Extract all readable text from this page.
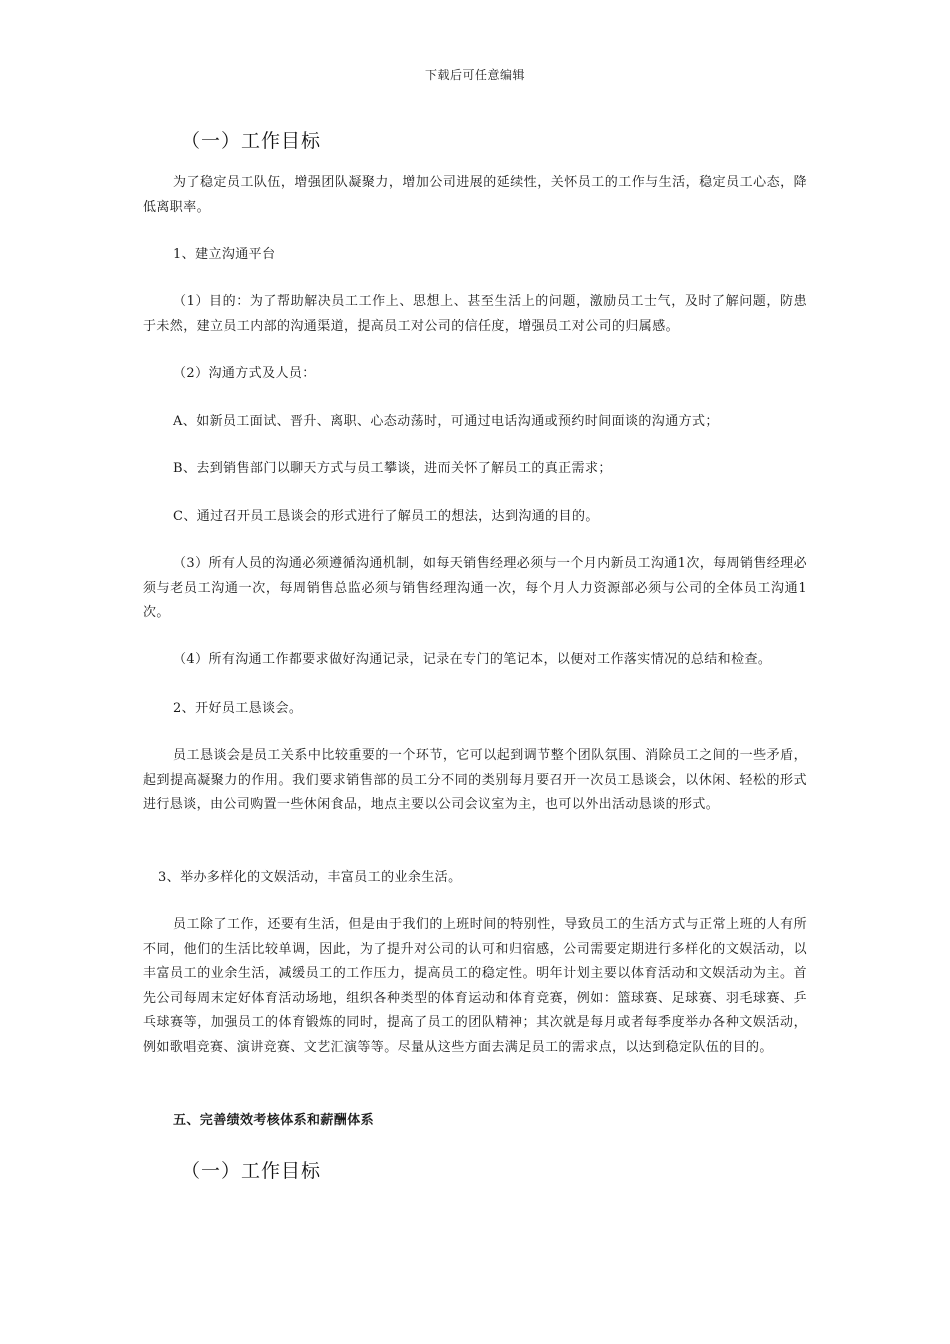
下载后可任意编辑
（一）工作目标

为了稳定员工队伍，增强团队凝聚力，增加公司进展的延续性，关怀员工的工作与生活，稳定员工心态，降低离职率。

1、建立沟通平台

（1）目的：为了帮助解决员工工作上、思想上、甚至生活上的问题，激励员工士气，及时了解问题，防患于未然，建立员工内部的沟通渠道，提高员工对公司的信任度，增强员工对公司的归属感。

（2）沟通方式及人员：

A、如新员工面试、晋升、离职、心态动荡时，可通过电话沟通或预约时间面谈的沟通方式；

B、去到销售部门以聊天方式与员工攀谈，进而关怀了解员工的真正需求；

C、通过召开员工恳谈会的形式进行了解员工的想法，达到沟通的目的。

（3）所有人员的沟通必须遵循沟通机制，如每天销售经理必须与一个月内新员工沟通1次，每周销售经理必须与老员工沟通一次，每周销售总监必须与销售经理沟通一次，每个月人力资源部必须与公司的全体员工沟通1次。

（4）所有沟通工作都要求做好沟通记录，记录在专门的笔记本，以便对工作落实情况的总结和检查。

2、开好员工恳谈会。

员工恳谈会是员工关系中比较重要的一个环节，它可以起到调节整个团队氛围、消除员工之间的一些矛盾，起到提高凝聚力的作用。我们要求销售部的员工分不同的类别每月要召开一次员工恳谈会，以休闲、轻松的形式进行恳谈，由公司购置一些休闲食品，地点主要以公司会议室为主，也可以外出活动恳谈的形式。

3、举办多样化的文娱活动，丰富员工的业余生活。

员工除了工作，还要有生活，但是由于我们的上班时间的特别性，导致员工的生活方式与正常上班的人有所不同，他们的生活比较单调，因此，为了提升对公司的认可和归宿感，公司需要定期进行多样化的文娱活动，以丰富员工的业余生活，减缓员工的工作压力，提高员工的稳定性。明年计划主要以体育活动和文娱活动为主。首先公司每周末定好体育活动场地，组织各种类型的体育运动和体育竞赛，例如：篮球赛、足球赛、羽毛球赛、乒乓球赛等，加强员工的体育锻炼的同时，提高了员工的团队精神；其次就是每月或者每季度举办各种文娱活动，例如歌唱竞赛、演讲竞赛、文艺汇演等等。尽量从这些方面去满足员工的需求点，以达到稳定队伍的目的。

五、完善绩效考核体系和薪酬体系

（一）工作目标
